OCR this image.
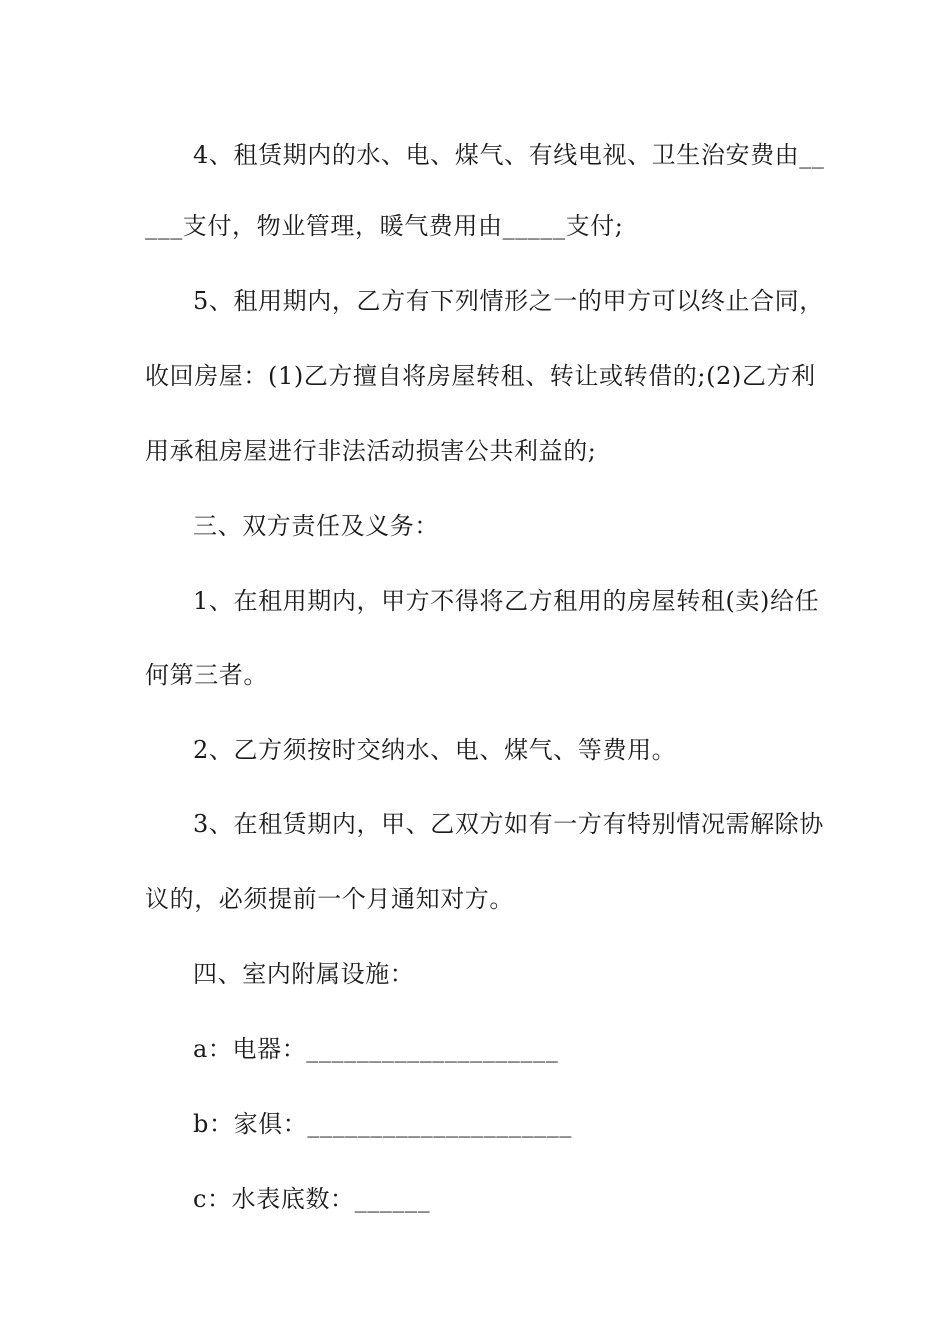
4、租赁期内的水、电、煤气、有线电视、卫生治安费由__
___支付，物业管理，暖气费用由_____支付;
5、租用期内，乙方有下列情形之一的甲方可以终止合同，
收回房屋：(1)乙方擅自将房屋转租、转让或转借的;(2)乙方利
用承租房屋进行非法活动损害公共利益的;
三、双方责任及义务：
1、在租用期内，甲方不得将乙方租用的房屋转租(卖)给任
何第三者。
2、乙方须按时交纳水、电、煤气、等费用。
3、在租赁期内，甲、乙双方如有一方有特别情况需解除协
议的，必须提前一个月通知对方。
四、室内附属设施：
a：电器：____________________
b：家俱：_____________________
c：水表底数：______
